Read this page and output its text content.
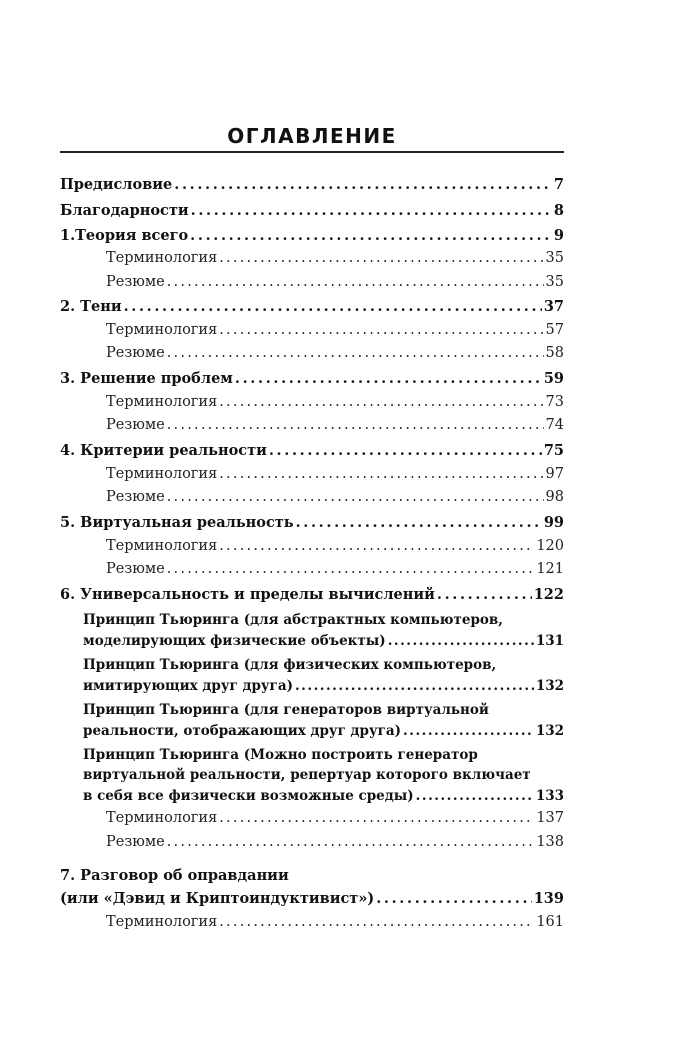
ОГЛАВЛЕНИЕ
Предисловие . . .	7
Благодарности . . .	8
1.Теория всего . . .	9
Терминология . . .	35
Резюме . . .	35
2. Тени . . .	37
Терминология . . .	57
Резюме . . .	58
3. Решение проблем . . .	59
Терминология . . .	73
Резюме . . .	74
4. Критерии реальности . . .	75
Терминология . . .	97
Резюме . . .	98
5. Виртуальная реальность . . .	99
Терминология . . .	120
Резюме . . .	121
6. Универсальность и пределы вычислений . . .	122
Принцип Тьюринга (для абстрактных компьютеров,
моделирующих физические объекты) . . .	131
Принцип Тьюринга (для физических компьютеров,
имитирующих друг друга) . . .	132
Принцип Тьюринга (для генераторов виртуальной
реальности, отображающих друг друга) . . .	132
Принцип Тьюринга (Можно построить генератор
виртуальной реальности, репертуар которого включает
в себя все физически возможные среды) . . .	133
Терминология . . .	137
Резюме . . .	138
7. Разговор об оправдании
(или «Дэвид и Криптоиндуктивист») . . .	139
Терминология . . .	161
